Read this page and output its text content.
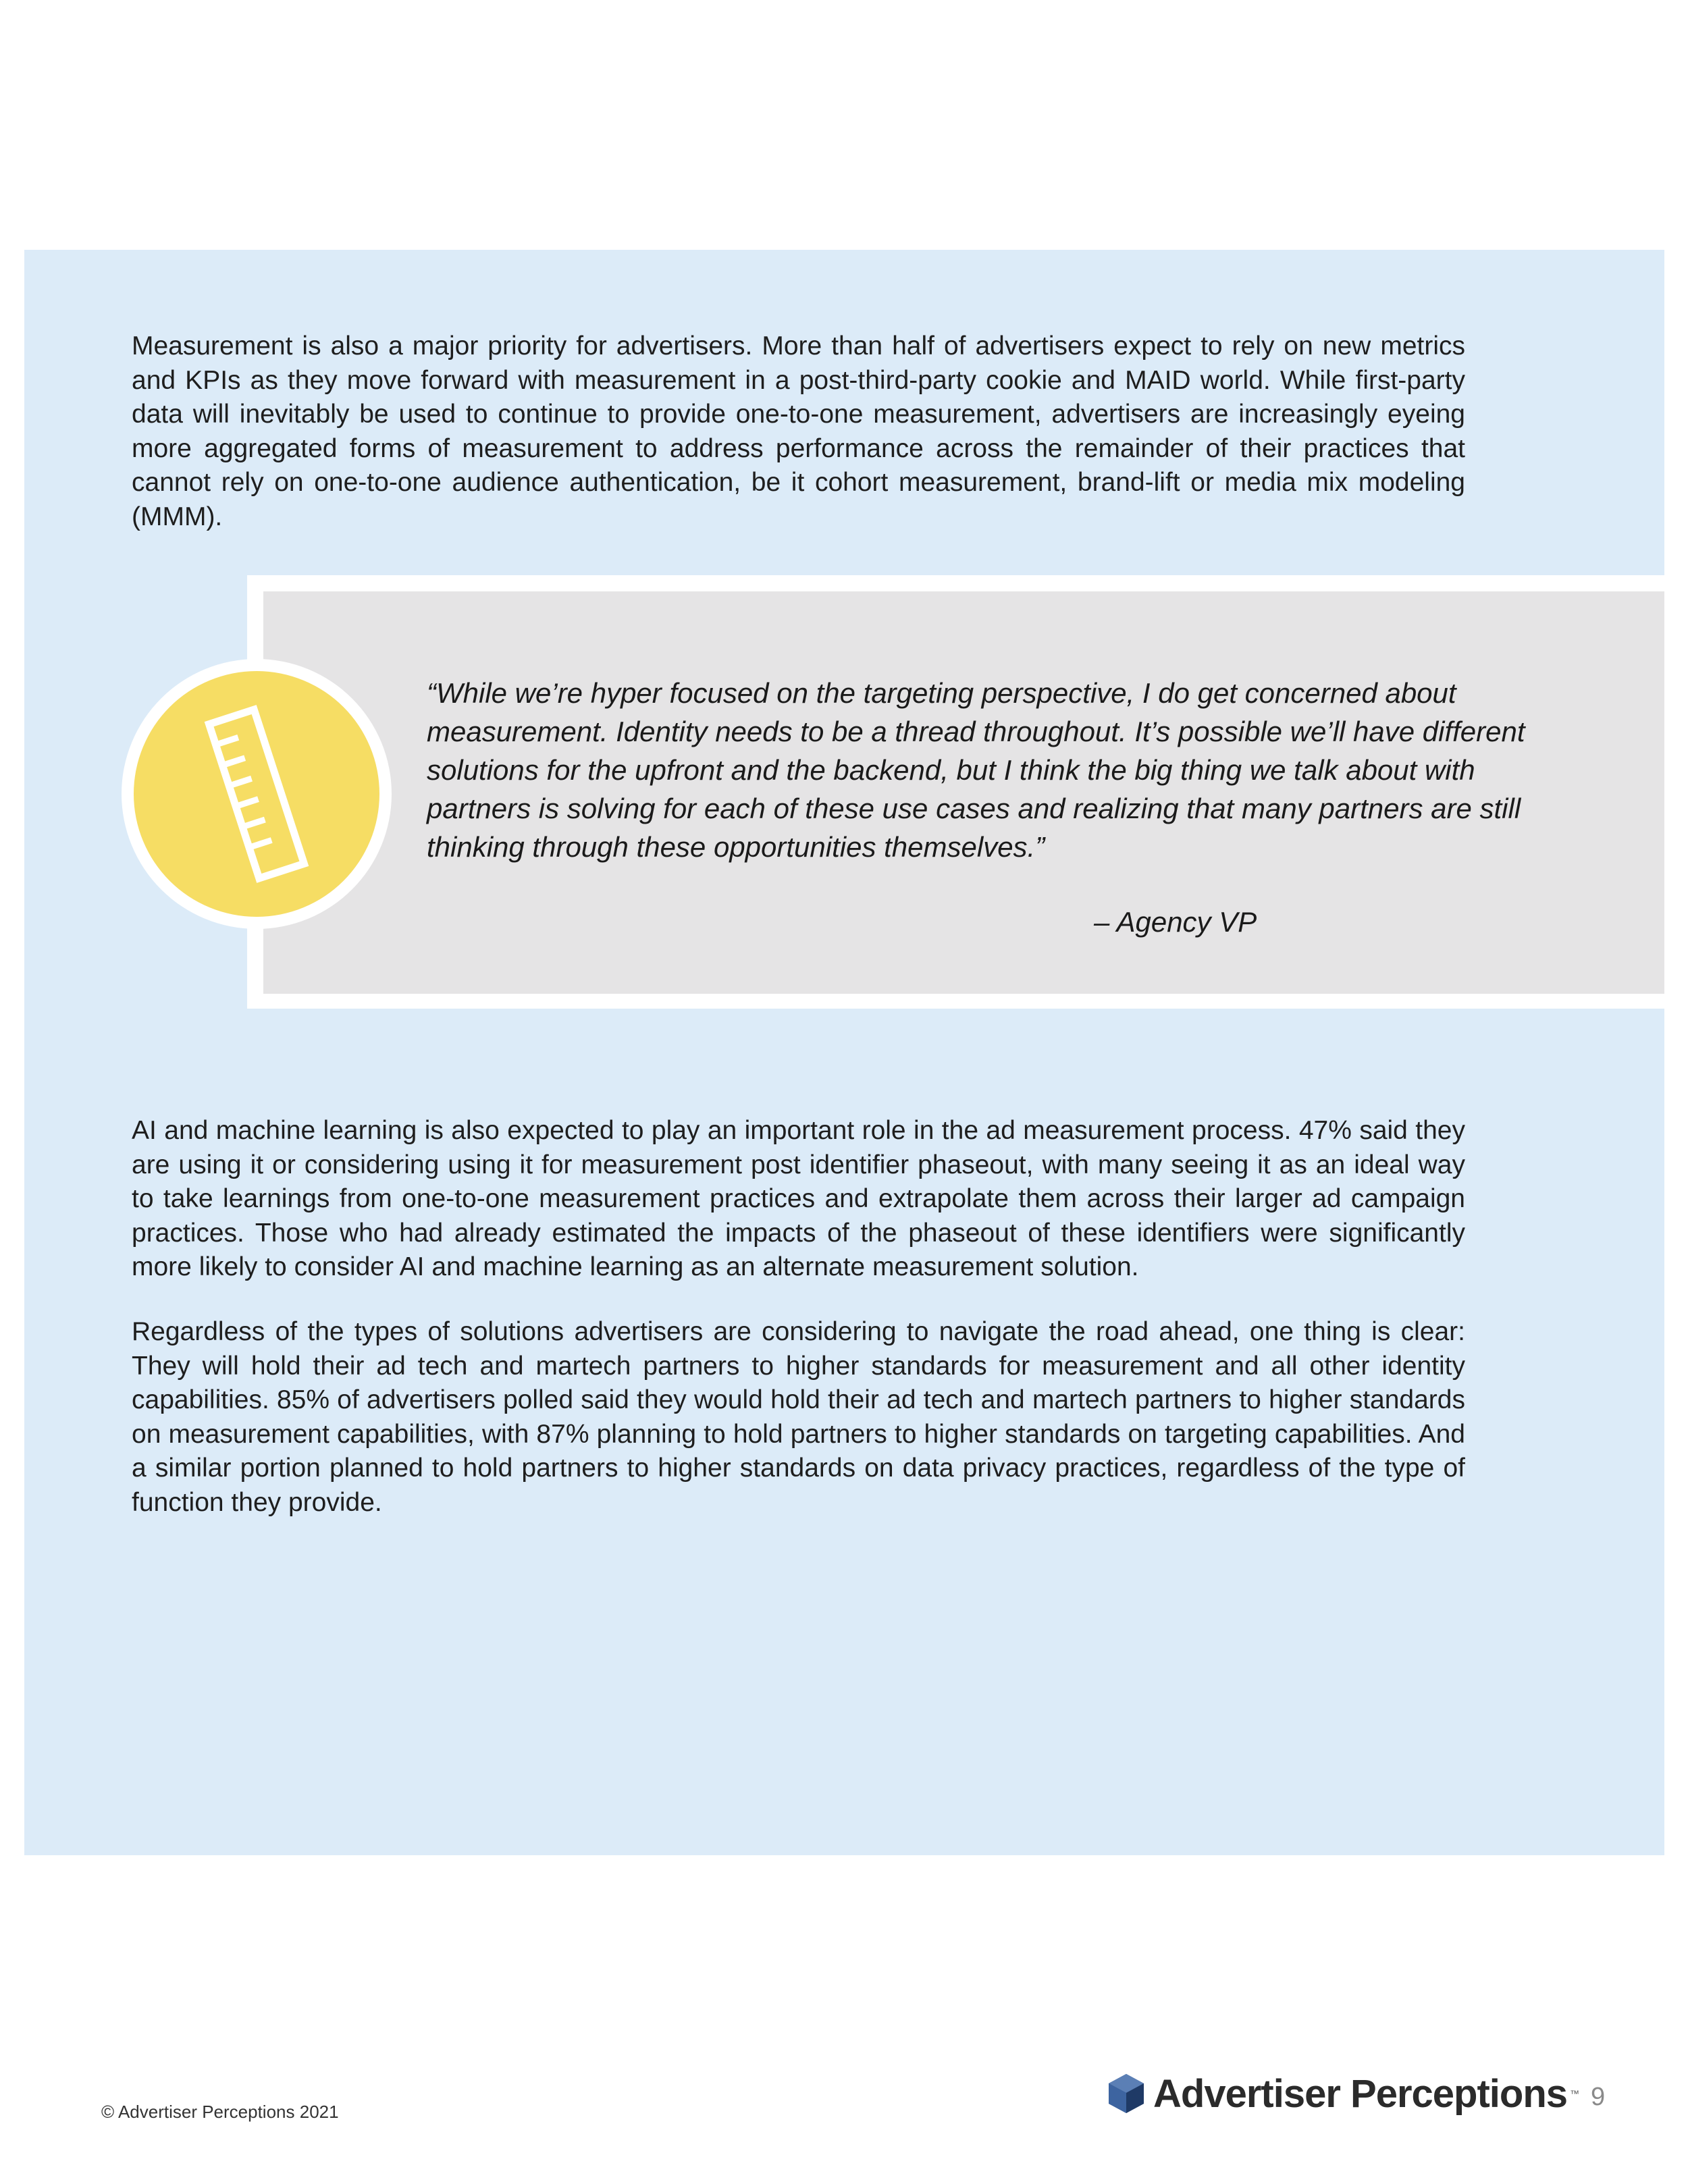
Measurement is also a major priority for advertisers. More than half of advertisers expect to rely on new metrics and KPIs as they move forward with measurement in a post-third-party cookie and MAID world. While first-party data will inevitably be used to continue to provide one-to-one measurement, advertisers are increasingly eyeing more aggregated forms of measurement to address performance across the remainder of their practices that cannot rely on one-to-one audience authentication, be it cohort measurement, brand-lift or media mix modeling (MMM).

“While we’re hyper focused on the targeting perspective, I do get concerned about measurement. Identity needs to be a thread throughout. It’s possible we’ll have different solutions for the upfront and the backend, but I think the big thing we talk about with partners is solving for each of these use cases and realizing that many partners are still thinking through these opportunities themselves.”

– Agency VP

AI and machine learning is also expected to play an important role in the ad measurement process. 47% said they are using it or considering using it for measurement post identifier phaseout, with many seeing it as an ideal way to take learnings from one-to-one measurement practices and extrapolate them across their larger ad campaign practices. Those who had already estimated the impacts of the phaseout of these identifiers were significantly more likely to consider AI and machine learning as an alternate measurement solution.

Regardless of the types of solutions advertisers are considering to navigate the road ahead, one thing is clear: They will hold their ad tech and martech partners to higher standards for measurement and all other identity capabilities. 85% of advertisers polled said they would hold their ad tech and martech partners to higher standards on measurement capabilities, with 87% planning to hold partners to higher standards on targeting capabilities. And a similar portion planned to hold partners to higher standards on data privacy practices, regardless of the type of function they provide.

© Advertiser Perceptions 2021	Advertiser Perceptions ™ 9
